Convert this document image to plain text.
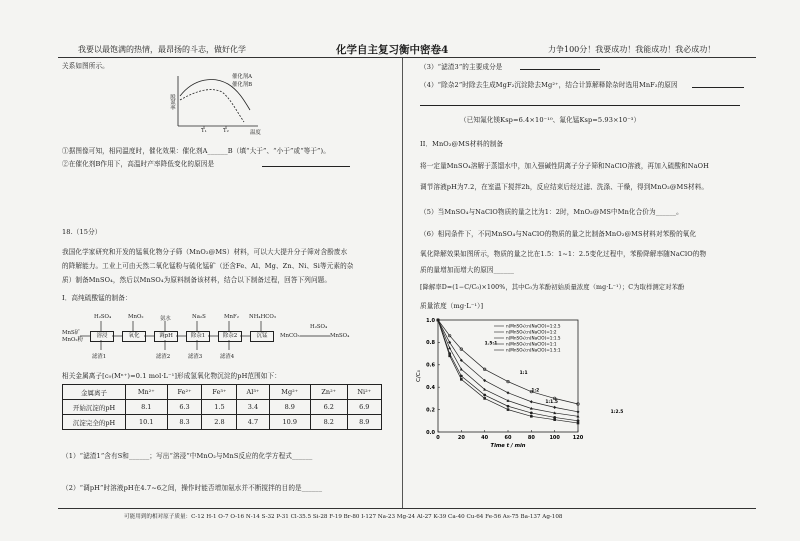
我要以最饱满的热情，最昂扬的斗志，做好化学	化学自主复习衡中密卷4	力争100分！我要成功！我能成功！我必成功！
关系如图所示。
催化剂A
催化剂B
脱氮率
温度
T₁	T₂
①据图像可知，相同温度时，催化效果：催化剂A______B（填“大于”、“小于”或“等于”)。
②在催化剂B作用下，高温时产率降低变化的原因是
18.（15分）
我国化学家研究和开发的锰氧化物分子筛（MnO₂@MS）材料，可以大大提升分子筛对含酚废水
的降解能力。工业上可由天然二氧化锰粉与硫化锰矿（还含Fe、Al、Mg、Zn、Ni、Si等元素的杂
质）制备MnSO₄，然后以MnSO₄为原料制备该材料，结合以下制备过程，回答下列问题。
I．高纯硫酸锰的制备：
H₂SO₄	MnO₂	氨水	Na₂S	MnF₂ NH₄HCO₃
MnS矿
MnO₂粉
溶浸	氧化	调pH	除杂1	除杂2	沉锰	MnCO₃
H₂SO₄
MnSO₄
滤渣1	滤渣2	滤渣3	滤渣4
相关金属离子[c₀(Mⁿ⁺)=0.1 mol·L⁻¹]形成氢氧化物沉淀的pH范围如下：
金属离子	Mn²⁺	Fe²⁺	Fe³⁺	Al³⁺	Mg²⁺	Zn²⁺	Ni²⁺
开始沉淀的pH	8.1	6.3	1.5	3.4	8.9	6.2	6.9
沉淀完全的pH	10.1	8.3	2.8	4.7	10.9	8.2	8.9
（1）“滤渣1”含有S和______；写出“溶浸”中MnO₂与MnS反应的化学方程式______
（2）“调pH”时溶液pH在4.7~6之间，操作时能否增加氨水并不断搅拌的目的是______
（3）“滤渣3”的主要成分是
（4）“除杂2”时除去生成MgF₂沉淀除去Mg²⁺，结合计算解释除杂时选用MnF₂的原因
（已知氟化镁Ksp=6.4×10⁻¹⁰、氟化锰Ksp=5.93×10⁻³）
II．MnO₂@MS材料的制备
将一定量MnSO₄溶解于蒸馏水中，加入强碱性阴离子分子筛和NaClO溶液，再加入硫酸和NaOH
调节溶液pH为7.2，在室温下搅拌2h，反应结束后经过滤、洗涤、干燥，得到MnO₂@MS材料。
（5）当MnSO₄与NaClO物质的量之比为1：2时，MnO₂@MS中Mn化合价为______。
（6）相同条件下，不同MnSO₄与NaClO的物质的量之比制备MnO₂@MS材料对苯酚的氧化
氧化降解效果如图所示，物质的量之比在1.5：1~1：2.5变化过程中，苯酚降解率随NaClO的物
质的量增加而增大的原因______
[降解率D=(1−C/C₀)×100%，其中C₀为苯酚初始质量浓度（mg·L⁻¹）；C为取样测定对苯酚
质量浓度（mg·L⁻¹）]
0	20	40	60	80	100	120
0.0
0.2
0.4
0.6
0.8
1.0
Time t / min
C/C₀
1.5:1
1:1
1:2
1:1.5
1:2.5
n(MnSO₄):n(NaClO)=1:2.5
n(MnSO₄):n(NaClO)=1:2
n(MnSO₄):n(NaClO)=1:1.5
n(MnSO₄):n(NaClO)=1:1
n(MnSO₄):n(NaClO)=1.5:1
可能用到的相对原子质量：C-12 H-1 O-7 O-16 N-14 S-32 P-31 Cl-35.5 Si-28 F-19 Br-80 I-127 Na-23 Mg-24 Al-27 K-39 Ca-40 Cu-64 Fe-56 As-75 Ba-137 Ag-108
